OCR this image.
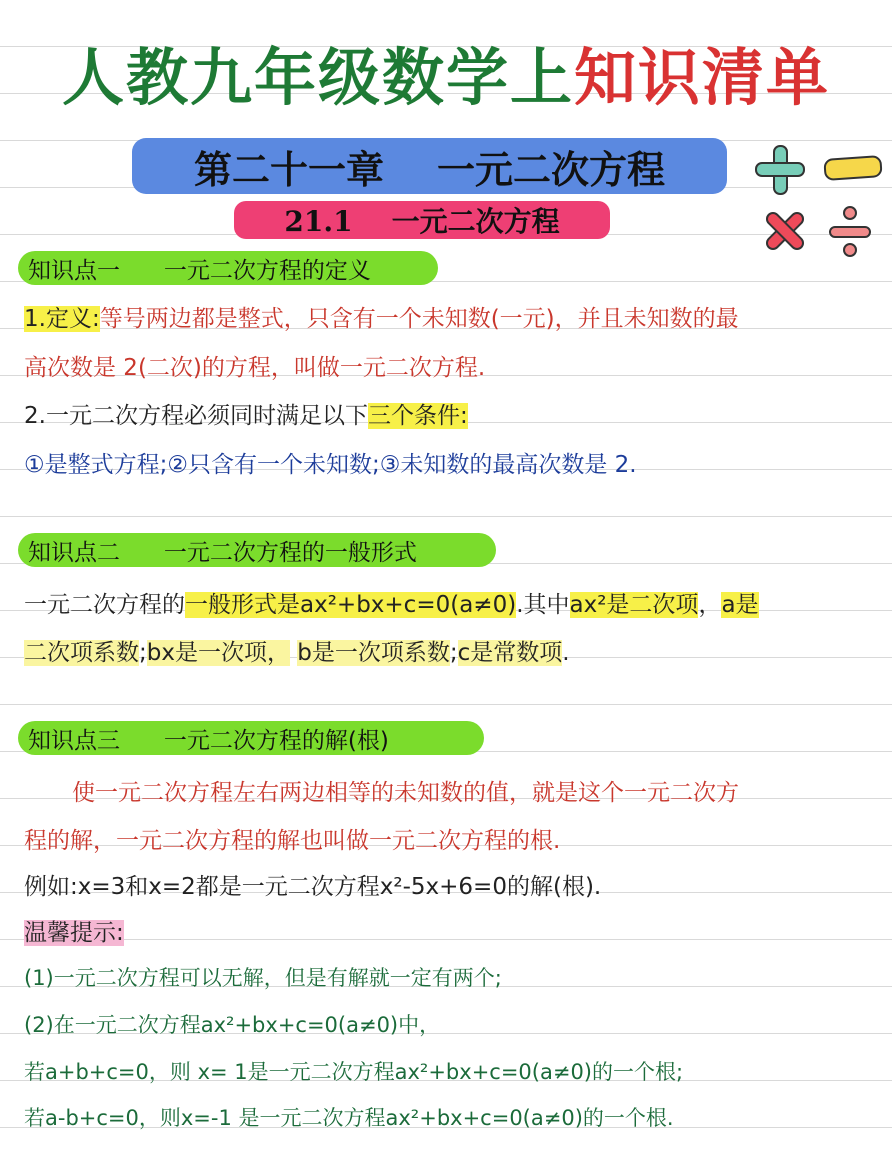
人教九年级数学上知识清单
第二十一章    一元二次方程
21.1    一元二次方程
知识点一      一元二次方程的定义
1.定义:等号两边都是整式，只含有一个未知数(一元)，并且未知数的最
高次数是 2(二次)的方程，叫做一元二次方程.
2.一元二次方程必须同时满足以下三个条件:
①是整式方程;②只含有一个未知数;③未知数的最高次数是 2.
知识点二      一元二次方程的一般形式
一元二次方程的一般形式是ax²+bx+c=0(a≠0).其中ax²是二次项，a是
二次项系数;bx是一次项， b是一次项系数;c是常数项.
知识点三      一元二次方程的解(根)
使一元二次方程左右两边相等的未知数的值，就是这个一元二次方
程的解，一元二次方程的解也叫做一元二次方程的根.
例如:x=3和x=2都是一元二次方程x²-5x+6=0的解(根).
温馨提示:
(1)一元二次方程可以无解，但是有解就一定有两个;
(2)在一元二次方程ax²+bx+c=0(a≠0)中，
若a+b+c=0，则 x= 1是一元二次方程ax²+bx+c=0(a≠0)的一个根;
若a-b+c=0，则x=-1 是一元二次方程ax²+bx+c=0(a≠0)的一个根.
